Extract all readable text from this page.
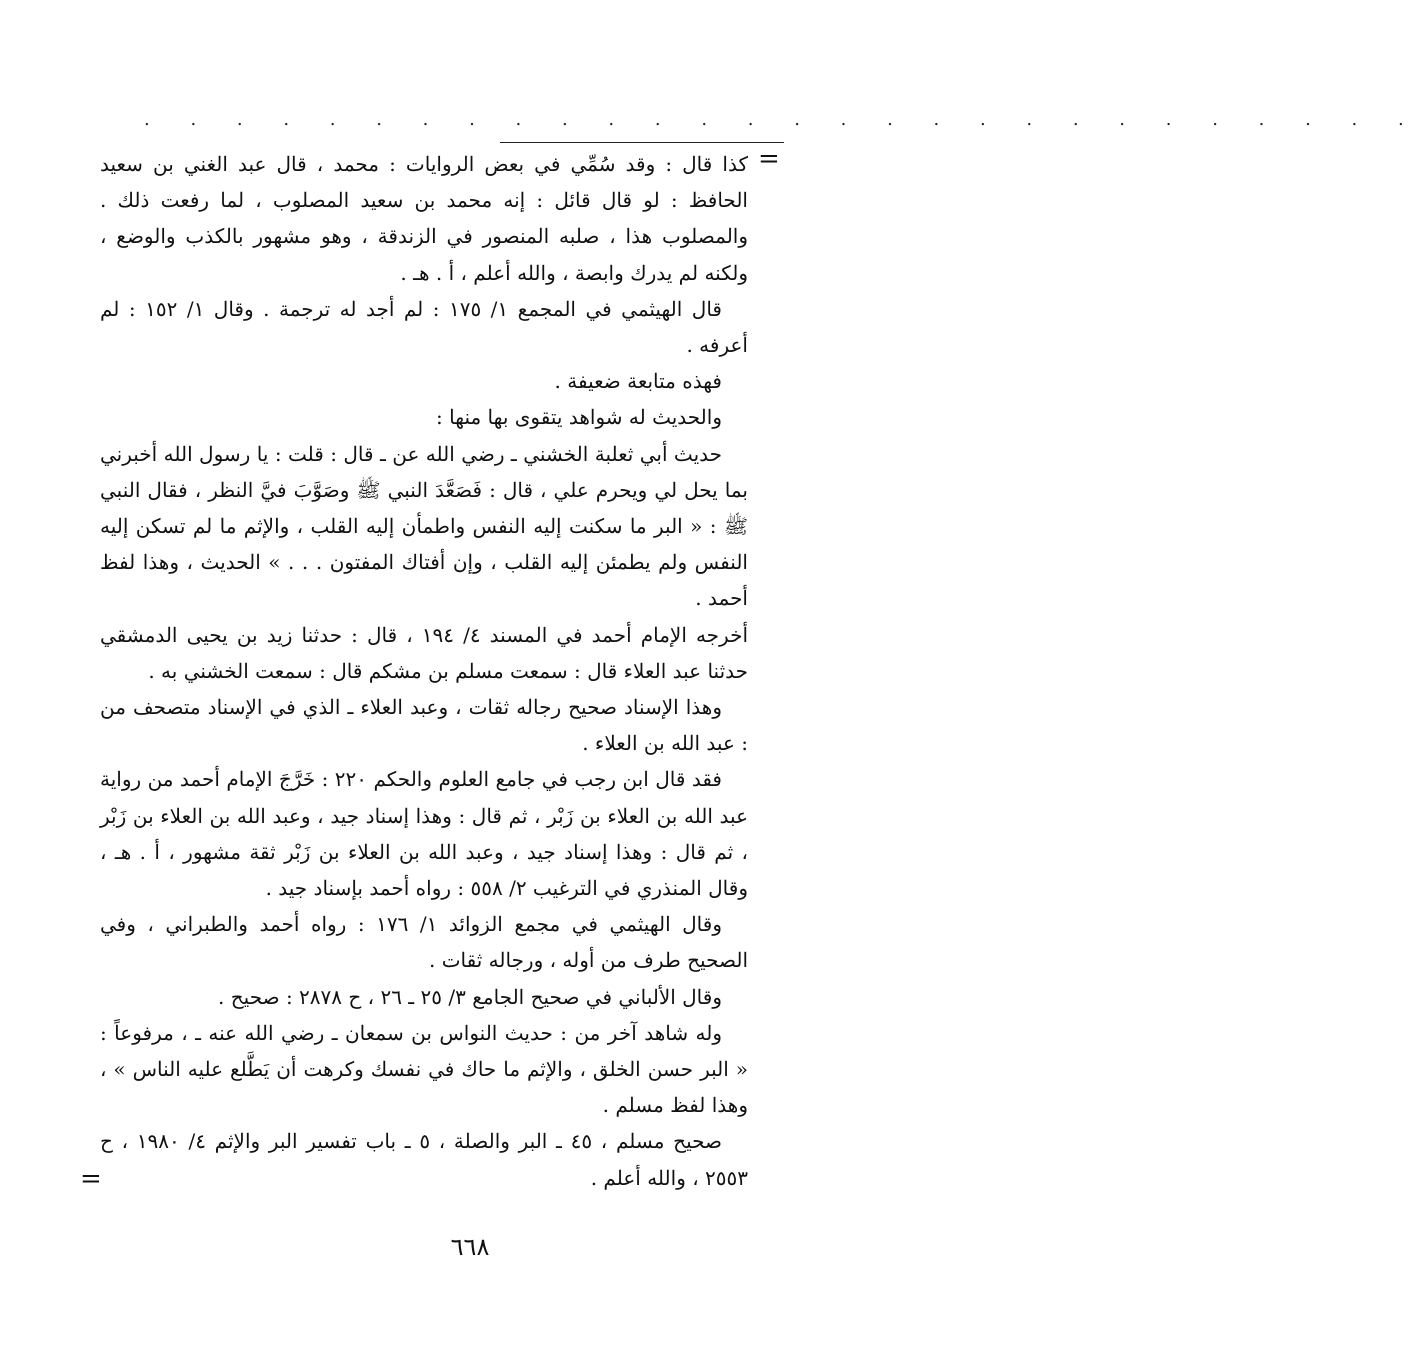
. . . . . . . . . . . . . . . . . . . . . . . . . . . .
=

كذا قال : وقد سُمِّي في بعض الروايات : محمد ، قال عبد الغني بن سعيد الحافظ : لو قال قائل : إنه محمد بن سعيد المصلوب ، لما رفعت ذلك . والمصلوب هذا ، صلبه المنصور في الزندقة ، وهو مشهور بالكذب والوضع ، ولكنه لم يدرك وابصة ، والله أعلم ، أ . هـ .

قال الهيثمي في المجمع ١/ ١٧٥ : لم أجد له ترجمة . وقال ١/ ١٥٢ : لم أعرفه .

فهذه متابعة ضعيفة .

والحديث له شواهد يتقوى بها منها :

حديث أبي ثعلبة الخشني ـ رضي الله عن ـ قال : قلت : يا رسول الله أخبرني بما يحل لي ويحرم علي ، قال : فَصَعَّدَ النبي ﷺ وصَوَّبَ فيَّ النظر ، فقال النبي ﷺ : « البر ما سكنت إليه النفس واطمأن إليه القلب ، والإثم ما لم تسكن إليه النفس ولم يطمئن إليه القلب ، وإن أفتاك المفتون . . . » الحديث ، وهذا لفظ أحمد .

أخرجه الإمام أحمد في المسند ٤/ ١٩٤ ، قال : حدثنا زيد بن يحيى الدمشقي حدثنا عبد العلاء قال : سمعت مسلم بن مشكم قال : سمعت الخشني به .

وهذا الإسناد صحيح رجاله ثقات ، وعبد العلاء ـ الذي في الإسناد متصحف من : عبد الله بن العلاء .

فقد قال ابن رجب في جامع العلوم والحكم ٢٢٠ : خَرَّجَ الإمام أحمد من رواية عبد الله بن العلاء بن زَبْر ، ثم قال : وهذا إسناد جيد ، وعبد الله بن العلاء بن زَبْر ، ثم قال : وهذا إسناد جيد ، وعبد الله بن العلاء بن زَبْر ثقة مشهور ، أ . هـ ، وقال المنذري في الترغيب ٢/ ٥٥٨ : رواه أحمد بإسناد جيد .

وقال الهيثمي في مجمع الزوائد ١/ ١٧٦ : رواه أحمد والطبراني ، وفي الصحيح طرف من أوله ، ورجاله ثقات .

وقال الألباني في صحيح الجامع ٣/ ٢٥ ـ ٢٦ ، ح ٢٨٧٨ : صحيح .

وله شاهد آخر من : حديث النواس بن سمعان ـ رضي الله عنه ـ ، مرفوعاً : « البر حسن الخلق ، والإثم ما حاك في نفسك وكرهت أن يَطَّلع عليه الناس » ، وهذا لفظ مسلم .

صحيح مسلم ، ٤٥ ـ البر والصلة ، ٥ ـ باب تفسير البر والإثم ٤/ ١٩٨٠ ، ح ٢٥٥٣ ، والله أعلم .

=
٦٦٨
